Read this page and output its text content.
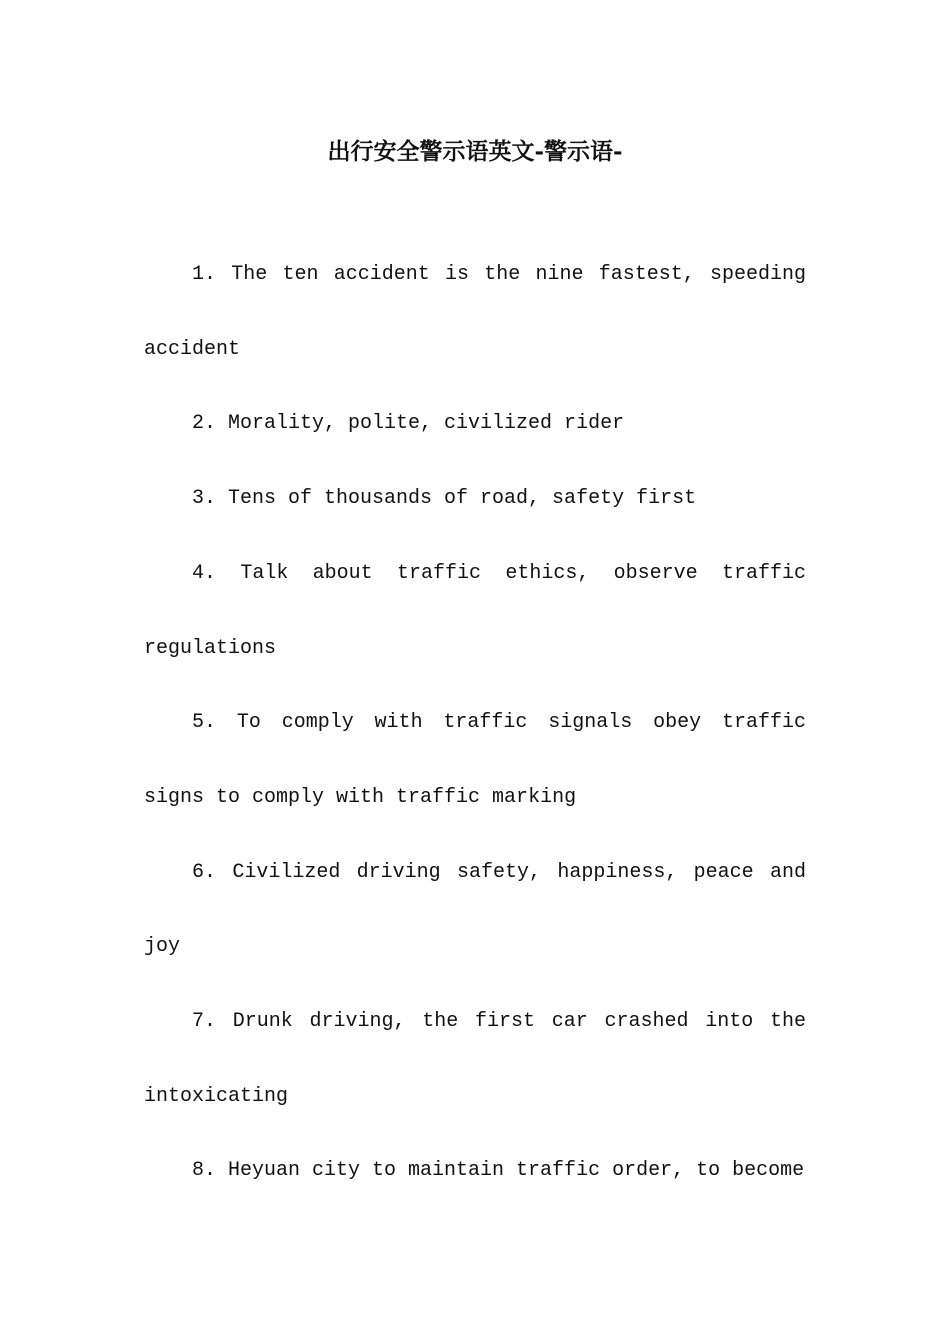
出行安全警示语英文-警示语-

1. The ten accident is the nine fastest, speeding accident

2. Morality, polite, civilized rider

3. Tens of thousands of road, safety first

4. Talk about traffic ethics, observe traffic regulations

5. To comply with traffic signals obey traffic signs to comply with traffic marking

6. Civilized driving safety, happiness, peace and joy

7. Drunk driving, the first car crashed into the intoxicating

8. Heyuan city to maintain traffic order, to become
